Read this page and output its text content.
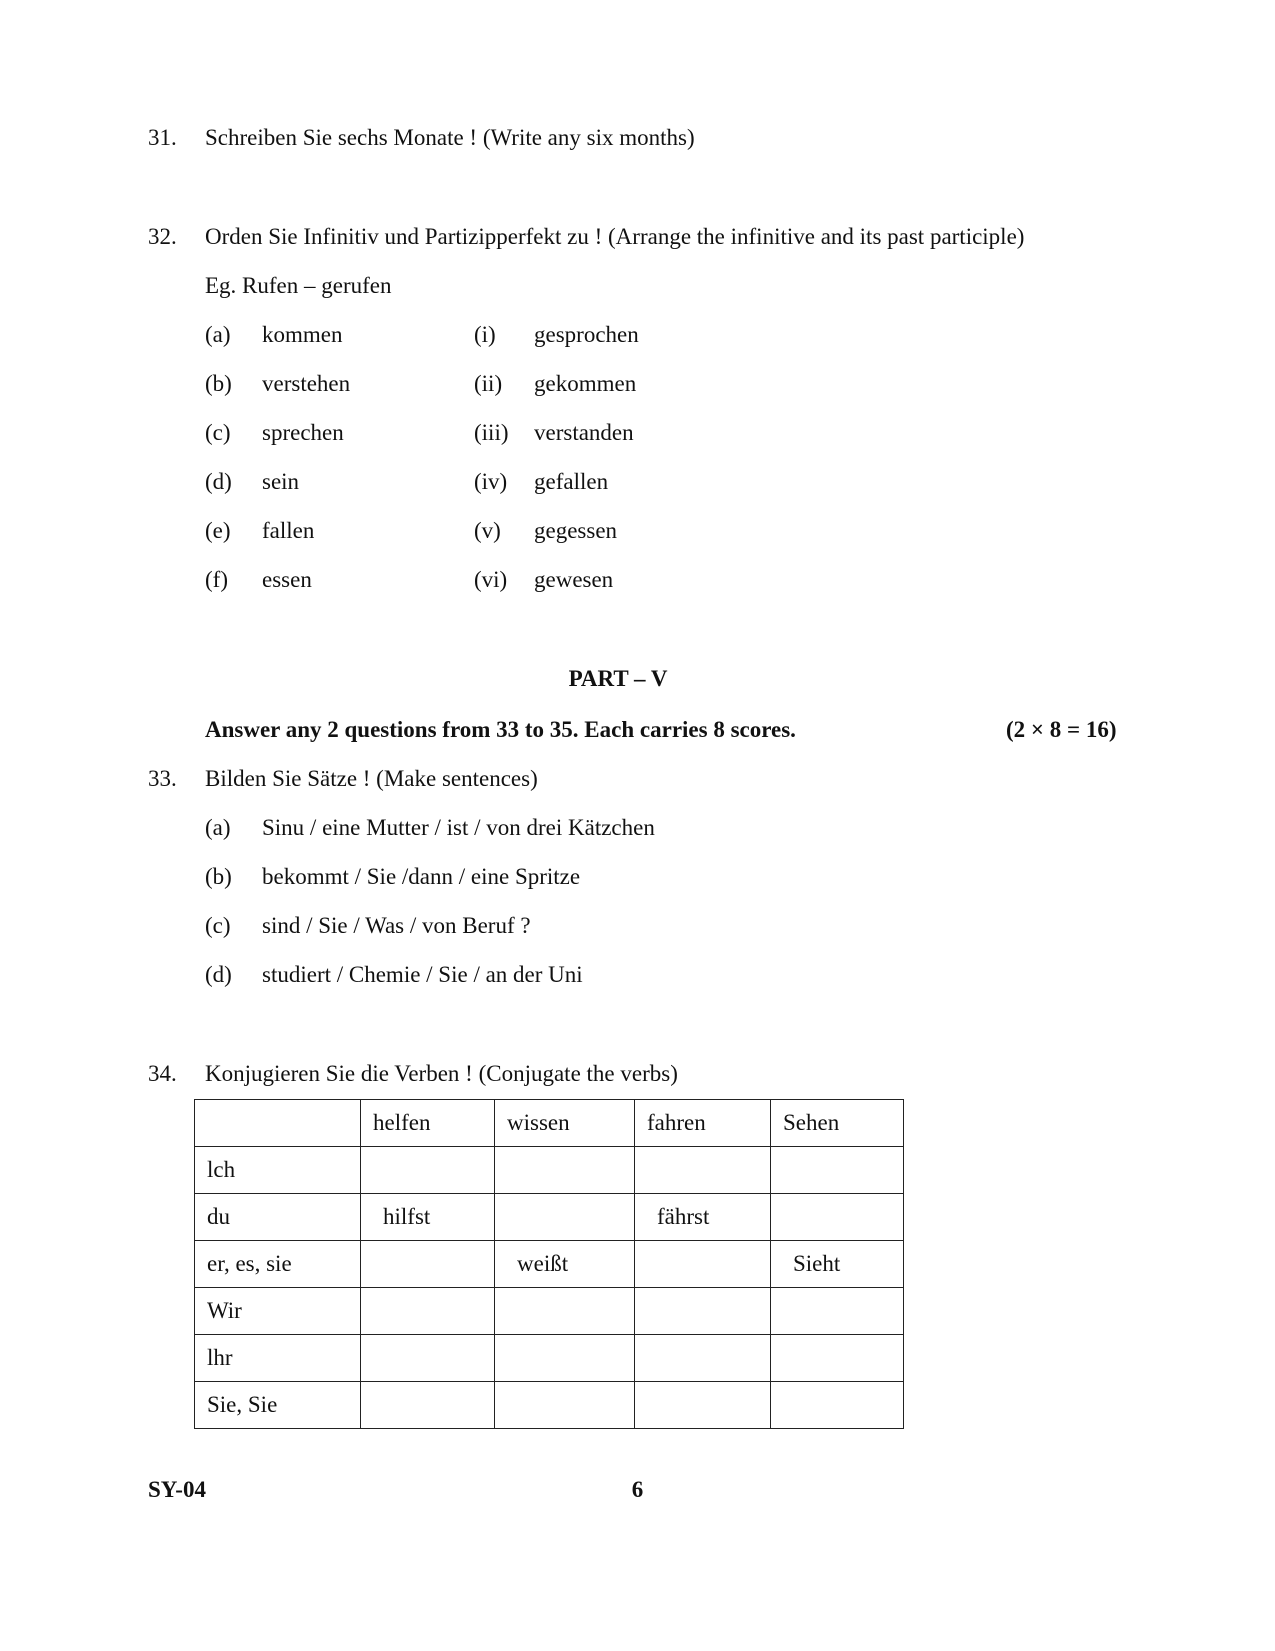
31. Schreiben Sie sechs Monate ! (Write any six months)
32. Orden Sie Infinitiv und Partizipperfekt zu ! (Arrange the infinitive and its past participle)
Eg. Rufen – gerufen
(a) kommen	(i) gesprochen
(b) verstehen	(ii) gekommen
(c) sprechen	(iii) verstanden
(d) sein	(iv) gefallen
(e) fallen	(v) gegessen
(f) essen	(vi) gewesen
PART – V
Answer any 2 questions from 33 to 35. Each carries 8 scores.	(2 × 8 = 16)
33. Bilden Sie Sätze ! (Make sentences)
(a) Sinu / eine Mutter / ist / von drei Kätzchen
(b) bekommt / Sie /dann / eine Spritze
(c) sind / Sie / Was / von Beruf ?
(d) studiert / Chemie / Sie / an der Uni
34. Konjugieren Sie die Verben ! (Conjugate the verbs)
	helfen	wissen	fahren	Sehen
lch				
du	hilfst		fährst	
er, es, sie		weißt		Sieht
Wir				
lhr				
Sie, Sie				
SY-04	6
